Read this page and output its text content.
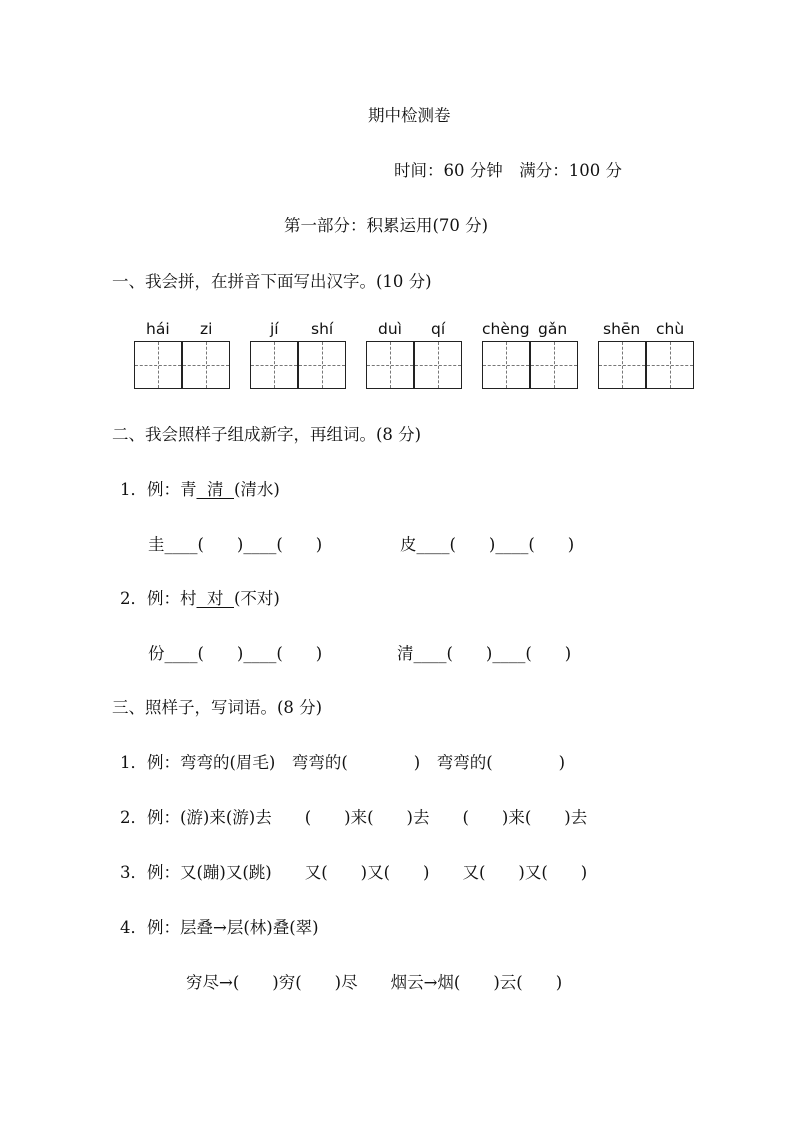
期中检测卷
时间：60 分钟　满分：100 分
第一部分：积累运用(70 分)
一、我会拼，在拼音下面写出汉字。(10 分)
hái zi	jí shí	duì qí chèng gǎn shēn chù
二、我会照样子组成新字，再组词。(8 分)
1．例：青 清 (清水)
圭____(　　)____(　　)	皮____(　　)____(　　)
2．例：村 对 (不对)
份____(　　)____(　　)	清____(　　)____(　　)
三、照样子，写词语。(8 分)
1．例：弯弯的(眉毛)　弯弯的(　　　　)　弯弯的(　　　　)
2．例：(游)来(游)去　　(　　)来(　　)去　　(　　)来(　　)去
3．例：又(蹦)又(跳)　　又(　　)又(　　)　　又(　　)又(　　)
4．例：层叠→层(林)叠(翠)
穷尽→(　　)穷(　　)尽　　烟云→烟(　　)云(　　)
